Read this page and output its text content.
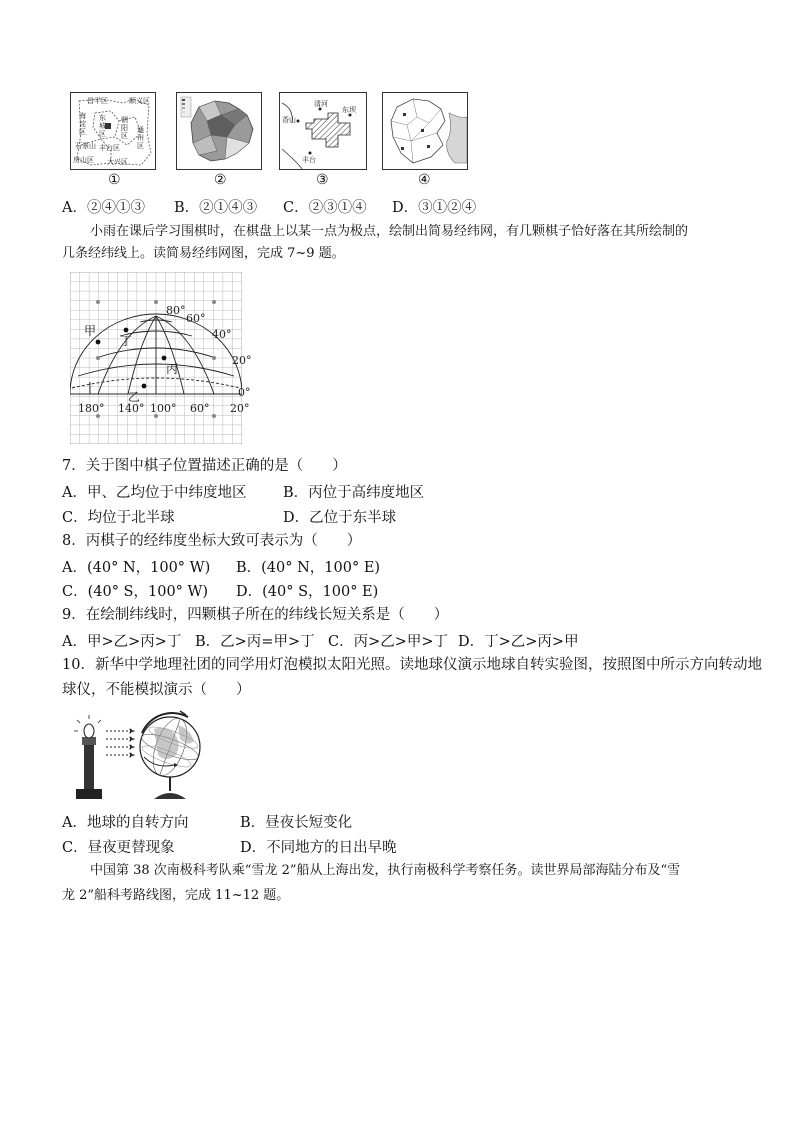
昌平区	顺义区
海
淀
区
东
城
区
朝
阳
区
通
州
区
丰台区
大兴区
房山区
石景山
清河
东坝
香山
丰台
①	②	③	④
A．②④①③ B．②①④③ C．②③①④ D．③①②④
小雨在课后学习围棋时，在棋盘上以某一点为极点，绘制出简易经纬网，有几颗棋子恰好落在其所绘制的
几条经纬线上。读简易经纬网图，完成 7~9 题。
80°
60°
40°
20°
0°
180° 140° 100° 60° 20°
甲
丁
丙
乙
7．关于图中棋子位置描述正确的是（　　）
A．甲、乙均位于中纬度地区	B．丙位于高纬度地区
C．均位于北半球	D．乙位于东半球
8．丙棋子的经纬度坐标大致可表示为（　　）
A．(40° N，100° W) B．(40° N，100° E)
C．(40° S，100° W) D．(40° S，100° E)
9．在绘制纬线时，四颗棋子所在的纬线长短关系是（　　）
A．甲>乙>丙>丁 B．乙>丙=甲>丁 C．丙>乙>甲>丁 D．丁>乙>丙>甲
10．新华中学地理社团的同学用灯泡模拟太阳光照。读地球仪演示地球自转实验图，按照图中所示方向转动地
球仪，不能模拟演示（　　）
A．地球的自转方向	B．昼夜长短变化
C．昼夜更替现象	D．不同地方的日出早晚
中国第 38 次南极科考队乘“雪龙 2”船从上海出发，执行南极科学考察任务。读世界局部海陆分布及“雪
龙 2”船科考路线图，完成 11~12 题。
